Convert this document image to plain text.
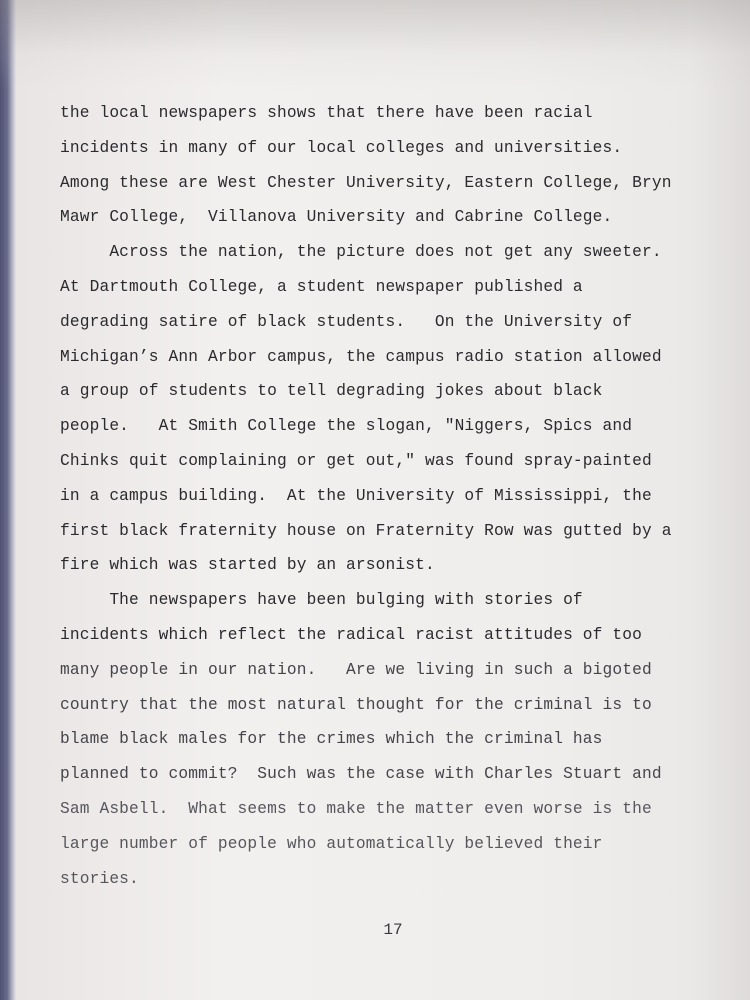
the local newspapers shows that there have been racial
incidents in many of our local colleges and universities.
Among these are West Chester University, Eastern College, Bryn
Mawr College,  Villanova University and Cabrine College.
Across the nation, the picture does not get any sweeter.
At Dartmouth College, a student newspaper published a
degrading satire of black students.   On the University of
Michigan’s Ann Arbor campus, the campus radio station allowed
a group of students to tell degrading jokes about black
people.   At Smith College the slogan, "Niggers, Spics and
Chinks quit complaining or get out," was found spray-painted
in a campus building.  At the University of Mississippi, the
first black fraternity house on Fraternity Row was gutted by a
fire which was started by an arsonist.
The newspapers have been bulging with stories of
incidents which reflect the radical racist attitudes of too
many people in our nation.   Are we living in such a bigoted
country that the most natural thought for the criminal is to
blame black males for the crimes which the criminal has
planned to commit?  Such was the case with Charles Stuart and
Sam Asbell.  What seems to make the matter even worse is the
large number of people who automatically believed their
stories.
17
